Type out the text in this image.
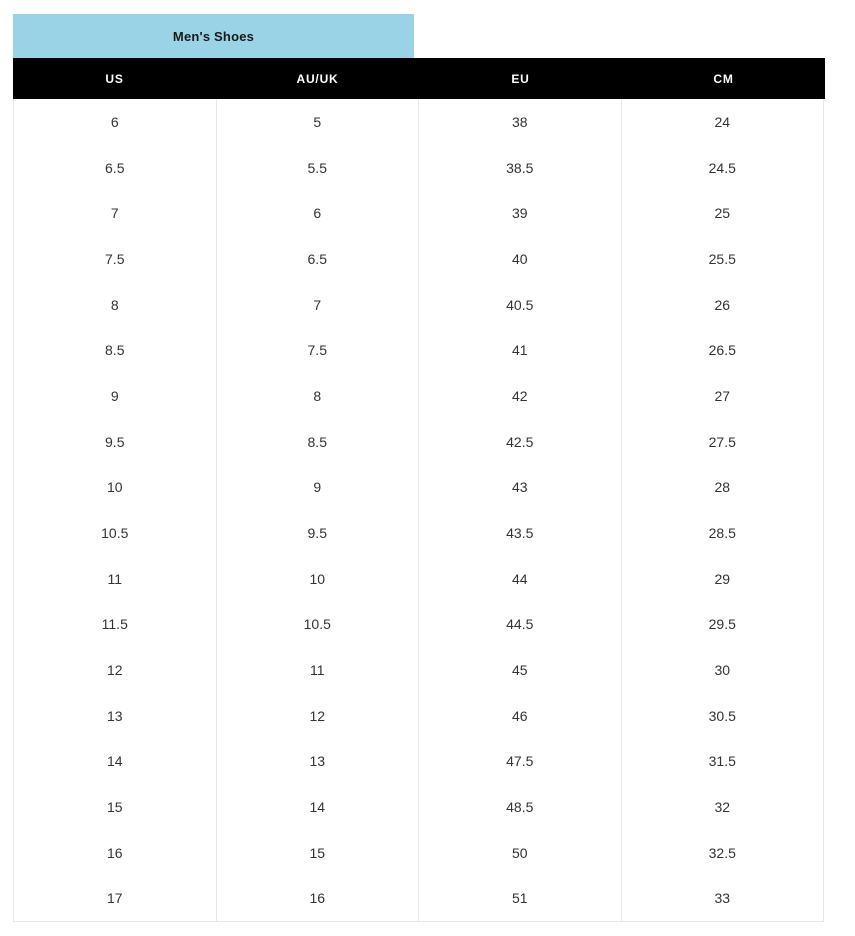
Men's Shoes
US	AU/UK	EU	CM
6	5	38	24
6.5	5.5	38.5	24.5
7	6	39	25
7.5	6.5	40	25.5
8	7	40.5	26
8.5	7.5	41	26.5
9	8	42	27
9.5	8.5	42.5	27.5
10	9	43	28
10.5	9.5	43.5	28.5
11	10	44	29
11.5	10.5	44.5	29.5
12	11	45	30
13	12	46	30.5
14	13	47.5	31.5
15	14	48.5	32
16	15	50	32.5
17	16	51	33
